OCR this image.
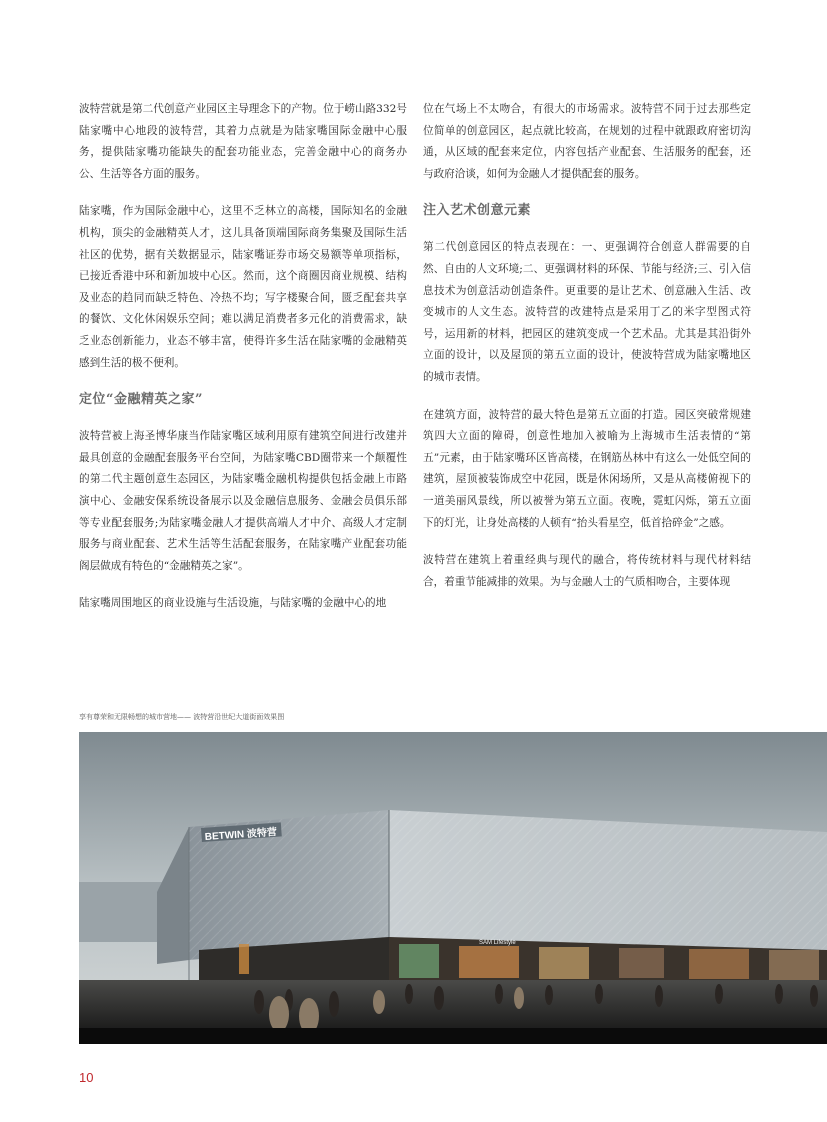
波特营就是第二代创意产业园区主导理念下的产物。位于崂山路332号陆家嘴中心地段的波特营，其着力点就是为陆家嘴国际金融中心服务，提供陆家嘴功能缺失的配套功能业态，完善金融中心的商务办公、生活等各方面的服务。

陆家嘴，作为国际金融中心，这里不乏林立的高楼，国际知名的金融机构，顶尖的金融精英人才，这儿具备顶端国际商务集聚及国际生活社区的优势，据有关数据显示，陆家嘴证券市场交易额等单项指标，已接近香港中环和新加坡中心区。然而，这个商圈因商业规模、结构及业态的趋同而缺乏特色、冷热不均；写字楼聚合间，匮乏配套共享的餐饮、文化休闲娱乐空间；难以满足消费者多元化的消费需求，缺乏业态创新能力，业态不够丰富，使得许多生活在陆家嘴的金融精英感到生活的极不便利。

定位“金融精英之家”

波特营被上海圣博华康当作陆家嘴区域利用原有建筑空间进行改建并最具创意的金融配套服务平台空间，为陆家嘴CBD圈带来一个颠覆性的第二代主题创意生态园区，为陆家嘴金融机构提供包括金融上市路演中心、金融安保系统设备展示以及金融信息服务、金融会员俱乐部等专业配套服务;为陆家嘴金融人才提供高端人才中介、高级人才定制服务与商业配套、艺术生活等生活配套服务，在陆家嘴产业配套功能阁层做成有特色的“金融精英之家”。

陆家嘴周围地区的商业设施与生活设施，与陆家嘴的金融中心的地

位在气场上不太吻合，有很大的市场需求。波特营不同于过去那些定位简单的创意园区，起点就比较高，在规划的过程中就跟政府密切沟通，从区域的配套来定位，内容包括产业配套、生活服务的配套，还与政府洽谈，如何为金融人才提供配套的服务。

注入艺术创意元素

第二代创意园区的特点表现在：一、更强调符合创意人群需要的自然、自由的人文环境;二、更强调材料的环保、节能与经济;三、引入信息技术为创意活动创造条件。更重要的是让艺术、创意融入生活、改变城市的人文生态。波特营的改建特点是采用丁乙的米字型图式符号，运用新的材料，把园区的建筑变成一个艺术品。尤其是其沿街外立面的设计，以及屋顶的第五立面的设计，使波特营成为陆家嘴地区的城市表情。

在建筑方面，波特营的最大特色是第五立面的打造。园区突破常规建筑四大立面的障碍，创意性地加入被喻为上海城市生活表情的“第五”元素，由于陆家嘴环区皆高楼，在钢筋丛林中有这么一处低空间的建筑，屋顶被装饰成空中花园，既是休闲场所，又是从高楼俯视下的一道美丽风景线，所以被誉为第五立面。夜晚，霓虹闪烁，第五立面下的灯光，让身处高楼的人顿有“抬头看星空，低首拾碎金”之感。

波特营在建筑上着重经典与现代的融合，将传统材料与现代材料结合，着重节能减排的效果。为与金融人士的气质相吻合，主要体现

享有尊荣和无限畅想的城市营地—— 波特营沿世纪大道街面效果图
BETWIN 波特营
SAM Lifestyle
10
